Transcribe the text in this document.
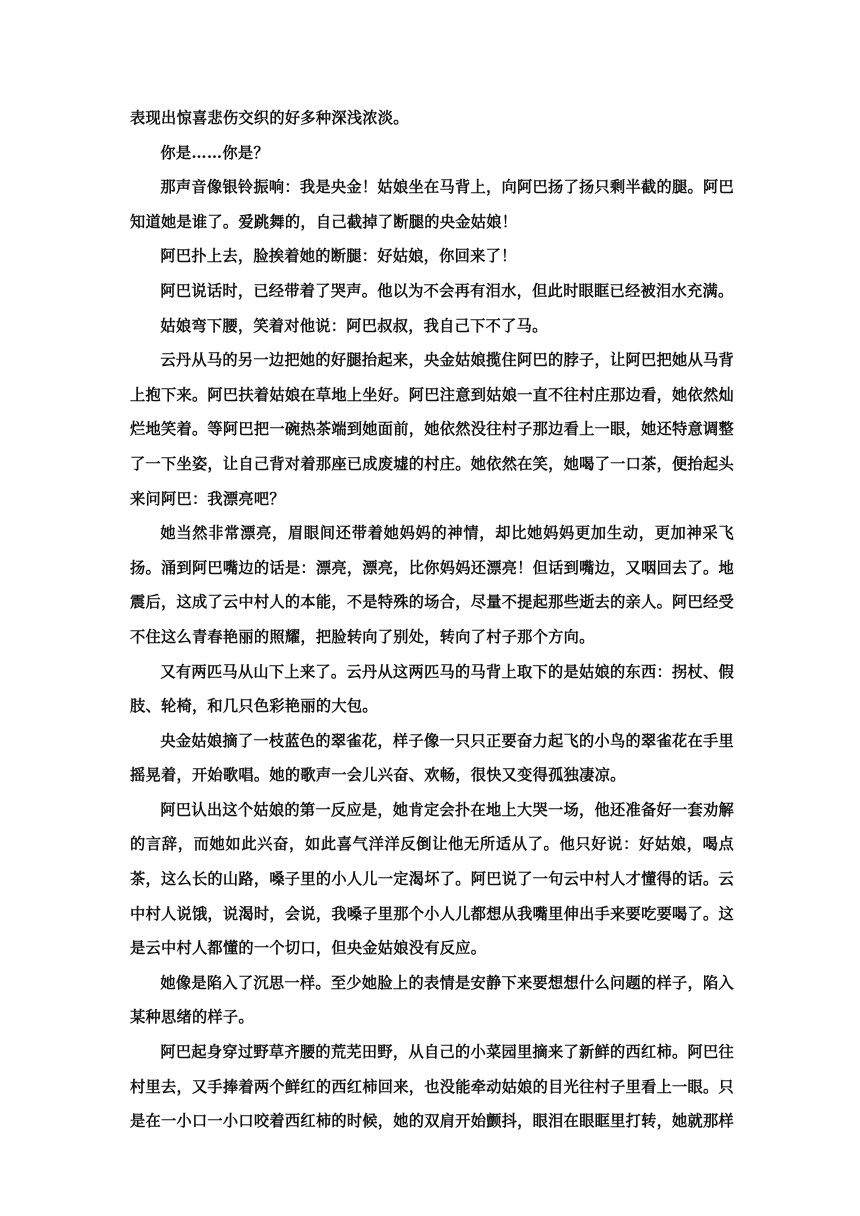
表现出惊喜悲伤交织的好多种深浅浓淡。

你是……你是？

那声音像银铃振响：我是央金！姑娘坐在马背上，向阿巴扬了扬只剩半截的腿。阿巴知道她是谁了。爱跳舞的，自己截掉了断腿的央金姑娘！

阿巴扑上去，脸挨着她的断腿：好姑娘，你回来了！

阿巴说话时，已经带着了哭声。他以为不会再有泪水，但此时眼眶已经被泪水充满。

姑娘弯下腰，笑着对他说：阿巴叔叔，我自己下不了马。

云丹从马的另一边把她的好腿抬起来，央金姑娘揽住阿巴的脖子，让阿巴把她从马背上抱下来。阿巴扶着姑娘在草地上坐好。阿巴注意到姑娘一直不往村庄那边看，她依然灿烂地笑着。等阿巴把一碗热茶端到她面前，她依然没往村子那边看上一眼，她还特意调整了一下坐姿，让自己背对着那座已成废墟的村庄。她依然在笑，她喝了一口茶，便抬起头来问阿巴：我漂亮吧？

她当然非常漂亮，眉眼间还带着她妈妈的神情，却比她妈妈更加生动，更加神采飞扬。涌到阿巴嘴边的话是：漂亮，漂亮，比你妈妈还漂亮！但话到嘴边，又咽回去了。地震后，这成了云中村人的本能，不是特殊的场合，尽量不提起那些逝去的亲人。阿巴经受不住这么青春艳丽的照耀，把脸转向了别处，转向了村子那个方向。

又有两匹马从山下上来了。云丹从这两匹马的马背上取下的是姑娘的东西：拐杖、假肢、轮椅，和几只色彩艳丽的大包。

央金姑娘摘了一枝蓝色的翠雀花，样子像一只只正要奋力起飞的小鸟的翠雀花在手里摇晃着，开始歌唱。她的歌声一会儿兴奋、欢畅，很快又变得孤独凄凉。

阿巴认出这个姑娘的第一反应是，她肯定会扑在地上大哭一场，他还准备好一套劝解的言辞，而她如此兴奋，如此喜气洋洋反倒让他无所适从了。他只好说：好姑娘，喝点茶，这么长的山路，嗓子里的小人儿一定渴坏了。阿巴说了一句云中村人才懂得的话。云中村人说饿，说渴时，会说，我嗓子里那个小人儿都想从我嘴里伸出手来要吃要喝了。这是云中村人都懂的一个切口，但央金姑娘没有反应。

她像是陷入了沉思一样。至少她脸上的表情是安静下来要想想什么问题的样子，陷入某种思绪的样子。

阿巴起身穿过野草齐腰的荒芜田野，从自己的小菜园里摘来了新鲜的西红柿。阿巴往村里去，又手捧着两个鲜红的西红柿回来，也没能牵动姑娘的目光往村子里看上一眼。只是在一小口一小口咬着西红柿的时候，她的双肩开始颤抖，眼泪在眼眶里打转，她就那样
